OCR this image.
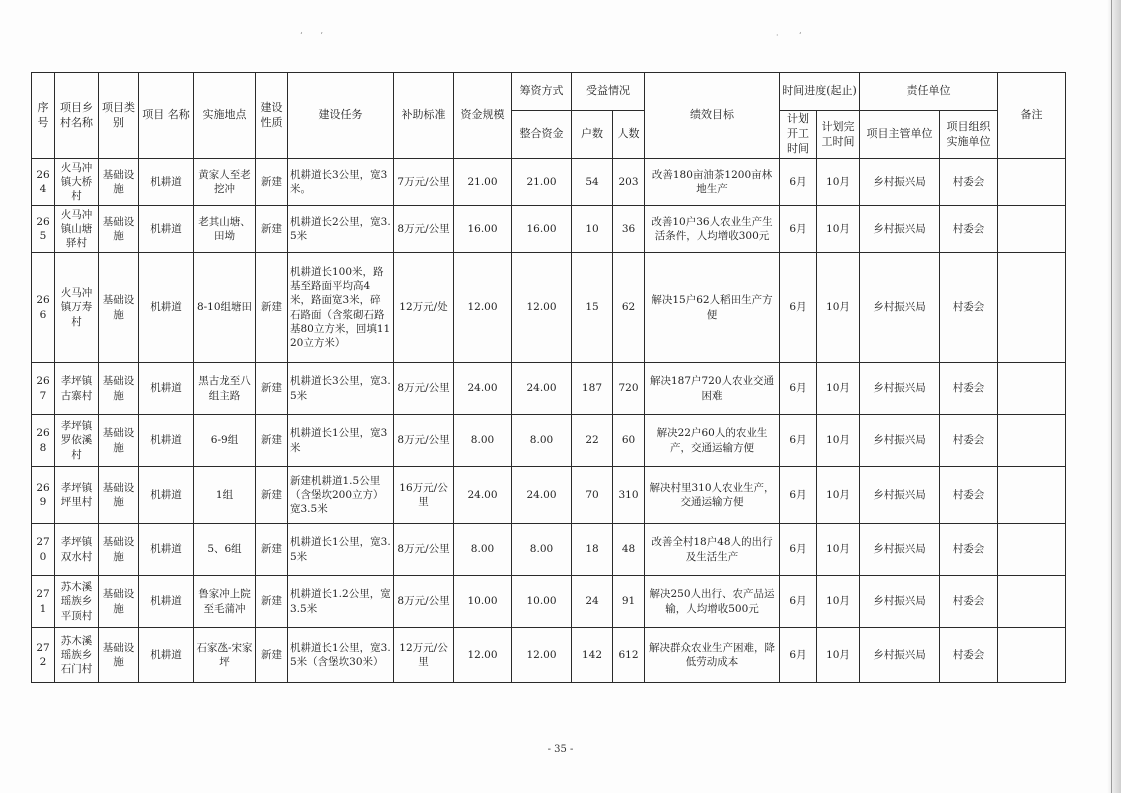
‘       ’	·        ‘
序号	项目乡村名称	项目类别	项目 名称	实施地点	建设性质	建设任务	补助标准	资金规模	筹资方式	受益情况		绩效目标	时间进度(起止)		责任单位		备注
									整合资金	户数	人数		计划开工时间	计划完工时间	项目主管单位	项目组织实施单位	
264	火马冲镇大桥村	基础设施	机耕道	黄家人至老挖冲	新建	机耕道长3公里，宽3米。	7万元/公里	21.00	21.00	54	203	改善180亩油茶1200亩林地生产	6月	10月	乡村振兴局	村委会	
265	火马冲镇山塘驿村	基础设施	机耕道	老其山塘、田坳	新建	机耕道长2公里，宽3.5米	8万元/公里	16.00	16.00	10	36	改善10户36人农业生产生活条件，人均增收300元	6月	10月	乡村振兴局	村委会	
266	火马冲镇万寿村	基础设施	机耕道	8-10组塘田	新建	机耕道长100米，路基至路面平均高4米，路面宽3米，碎石路面（含浆砌石路基80立方米，回填1120立方米）	12万元/处	12.00	12.00	15	62	解决15户62人稻田生产方便	6月	10月	乡村振兴局	村委会	
267	孝坪镇古寨村	基础设施	机耕道	黑古龙至八组主路	新建	机耕道长3公里，宽3.5米	8万元/公里	24.00	24.00	187	720	解决187户720人农业交通困难	6月	10月	乡村振兴局	村委会	
268	孝坪镇罗依溪村	基础设施	机耕道	6-9组	新建	机耕道长1公里，宽3米	8万元/公里	8.00	8.00	22	60	解决22户60人的农业生产，交通运输方便	6月	10月	乡村振兴局	村委会	
269	孝坪镇坪里村	基础设施	机耕道	1组	新建	新建机耕道1.5公里（含堡坎200立方）宽3.5米	16万元/公里	24.00	24.00	70	310	解决村里310人农业生产，交通运输方便	6月	10月	乡村振兴局	村委会	
270	孝坪镇双水村	基础设施	机耕道	5、6组	新建	机耕道长1公里，宽3.5米	8万元/公里	8.00	8.00	18	48	改善全村18户48人的出行及生活生产	6月	10月	乡村振兴局	村委会	
271	苏木溪瑶族乡平顶村	基础设施	机耕道	鲁家冲上院至毛蒲冲	新建	机耕道长1.2公里，宽3.5米	8万元/公里	10.00	10.00	24	91	解决250人出行、农产品运输，人均增收500元	6月	10月	乡村振兴局	村委会	
272	苏木溪瑶族乡石门村	基础设施	机耕道	石家氹-宋家坪	新建	机耕道长1公里，宽3.5米（含堡坎30米）	12万元/公里	12.00	12.00	142	612	解决群众农业生产困难，降低劳动成本	6月	10月	乡村振兴局	村委会	
- 35 -
